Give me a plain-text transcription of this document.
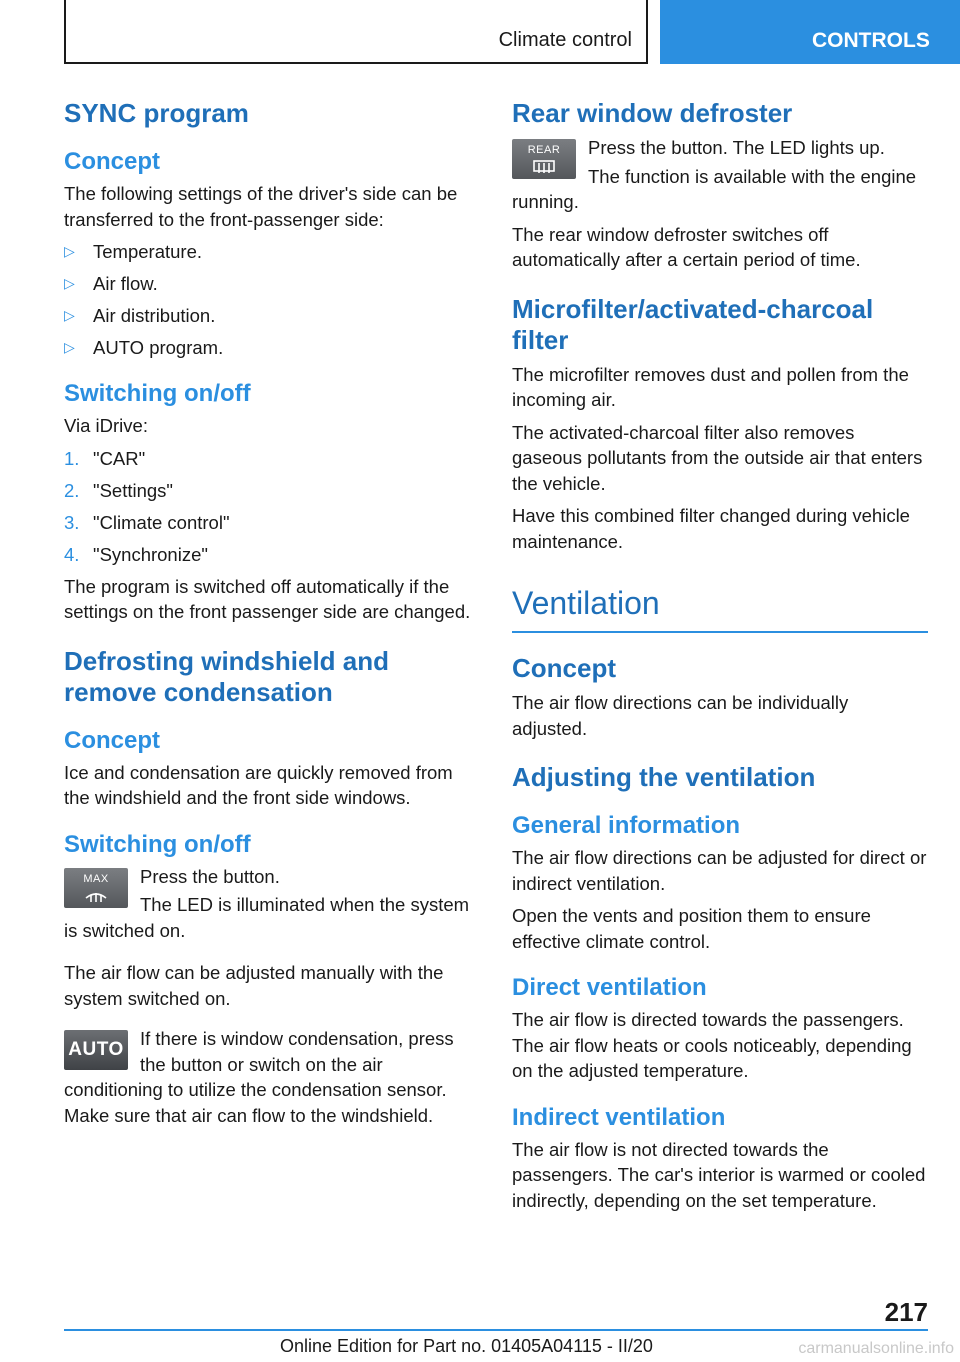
Climate control	CONTROLS
SYNC program
Concept

The following settings of the driver's side can be transferred to the front-passenger side:

▷ Temperature.
▷ Air flow.
▷ Air distribution.
▷ AUTO program.
Switching on/off

Via iDrive:

1. "CAR"
2. "Settings"
3. "Climate control"
4. "Synchronize"

The program is switched off automatically if the settings on the front passenger side are changed.

Defrosting windshield and remove condensation
Concept

Ice and condensation are quickly removed from the windshield and the front side windows.

Switching on/off
MAX	Press the button.

The LED is illuminated when the system is switched on.

The air flow can be adjusted manually with the system switched on.

AUTO

If there is window condensation, press the button or switch on the air conditioning to utilize the condensation sensor. Make sure that air can flow to the windshield.

Rear window defroster
REAR	Press the button. The LED lights up.

The function is available with the engine running.

The rear window defroster switches off automatically after a certain period of time.

Microfilter/activated-charcoal filter

The microfilter removes dust and pollen from the incoming air.

The activated-charcoal filter also removes gaseous pollutants from the outside air that enters the vehicle.

Have this combined filter changed during vehicle maintenance.

Ventilation
Concept

The air flow directions can be individually adjusted.

Adjusting the ventilation
General information

The air flow directions can be adjusted for direct or indirect ventilation.

Open the vents and position them to ensure effective climate control.

Direct ventilation

The air flow is directed towards the passengers. The air flow heats or cools noticeably, depending on the adjusted temperature.

Indirect ventilation

The air flow is not directed towards the passengers. The car's interior is warmed or cooled indirectly, depending on the set temperature.

217
Online Edition for Part no. 01405A04115 - II/20	carmanualsonline.info
